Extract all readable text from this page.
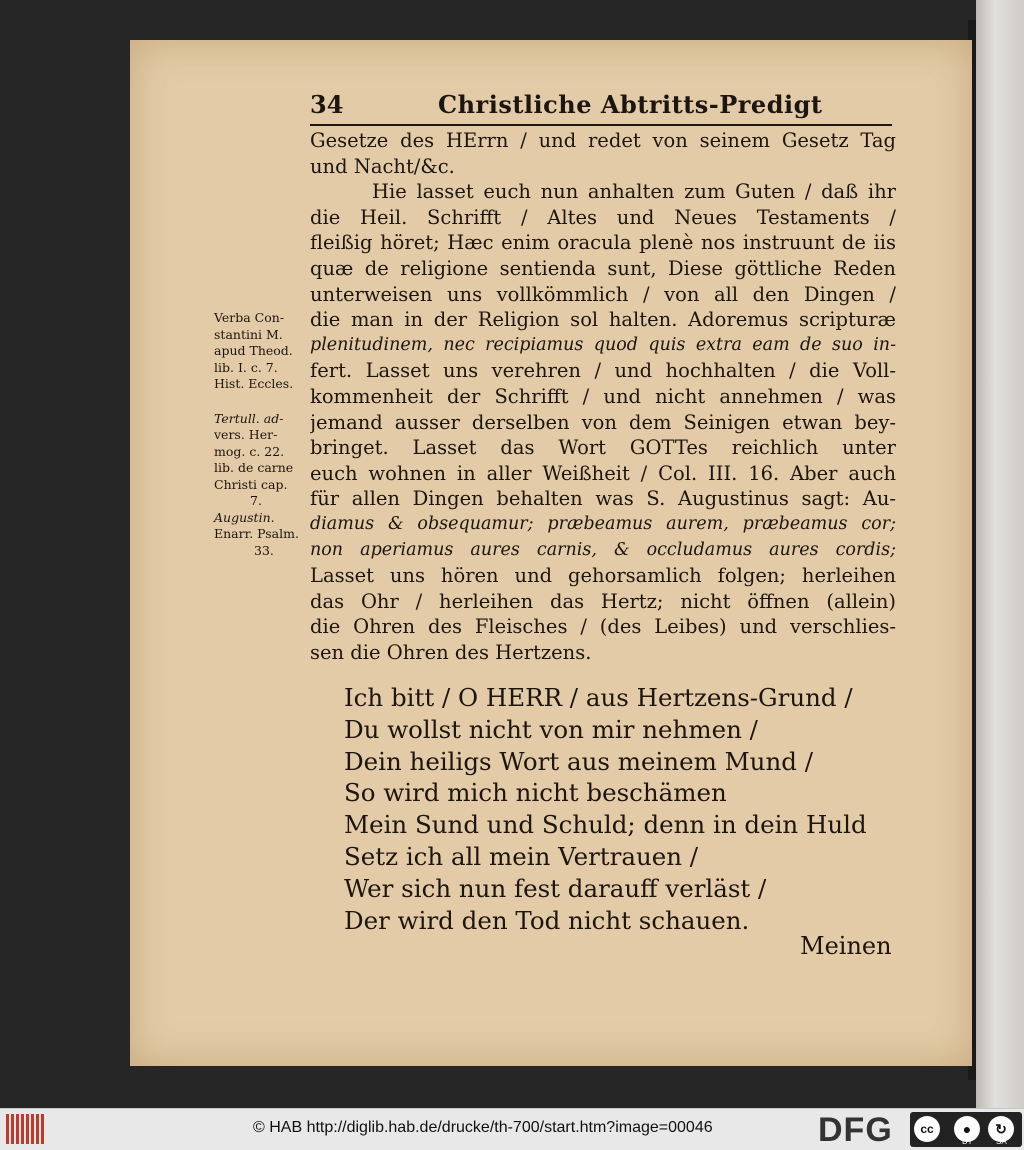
34	Christliche Abtritts-Predigt
Verba Con-
stantini M.
apud Theod.
lib. I. c. 7.
Hist. Eccles.
Tertull. ad-
vers. Her-
mog. c. 22.
lib. de carne
Christi cap.
7.
Augustin.
Enarr. Psalm.
33.
Gesetze des HErrn / und redet von seinem Gesetz Tag
und Nacht/&c.
Hie lasset euch nun anhalten zum Guten / daß ihr
die Heil. Schrifft / Altes und Neues Testaments /
fleißig höret; Hæc enim oracula plenè nos instruunt de iis
quæ de religione sentienda sunt, Diese göttliche Reden
unterweisen uns vollkömmlich / von all den Dingen /
die man in der Religion sol halten. Adoremus scripturæ
plenitudinem, nec recipiamus quod quis extra eam de suo in-
fert. Lasset uns verehren / und hochhalten / die Voll-
kommenheit der Schrifft / und nicht annehmen / was
jemand ausser derselben von dem Seinigen etwan bey-
bringet. Lasset das Wort GOTTes reichlich unter
euch wohnen in aller Weißheit / Col. III. 16. Aber auch
für allen Dingen behalten was S. Augustinus sagt: Au-
diamus & obsequamur; præbeamus aurem, præbeamus cor;
non aperiamus aures carnis, & occludamus aures cordis;
Lasset uns hören und gehorsamlich folgen; herleihen
das Ohr / herleihen das Hertz; nicht öffnen (allein)
die Ohren des Fleisches / (des Leibes) und verschlies-
sen die Ohren des Hertzens.
Ich bitt / O HERR / aus Hertzens-Grund /
Du wollst nicht von mir nehmen /
Dein heiligs Wort aus meinem Mund /
So wird mich nicht beschämen
Mein Sund und Schuld; denn in dein Huld
Setz ich all mein Vertrauen /
Wer sich nun fest darauff verläst /
Der wird den Tod nicht schauen.
Meinen
© HAB http://diglib.hab.de/drucke/th-700/start.htm?image=00046	DFG	cc	●	↻
BY	SA
